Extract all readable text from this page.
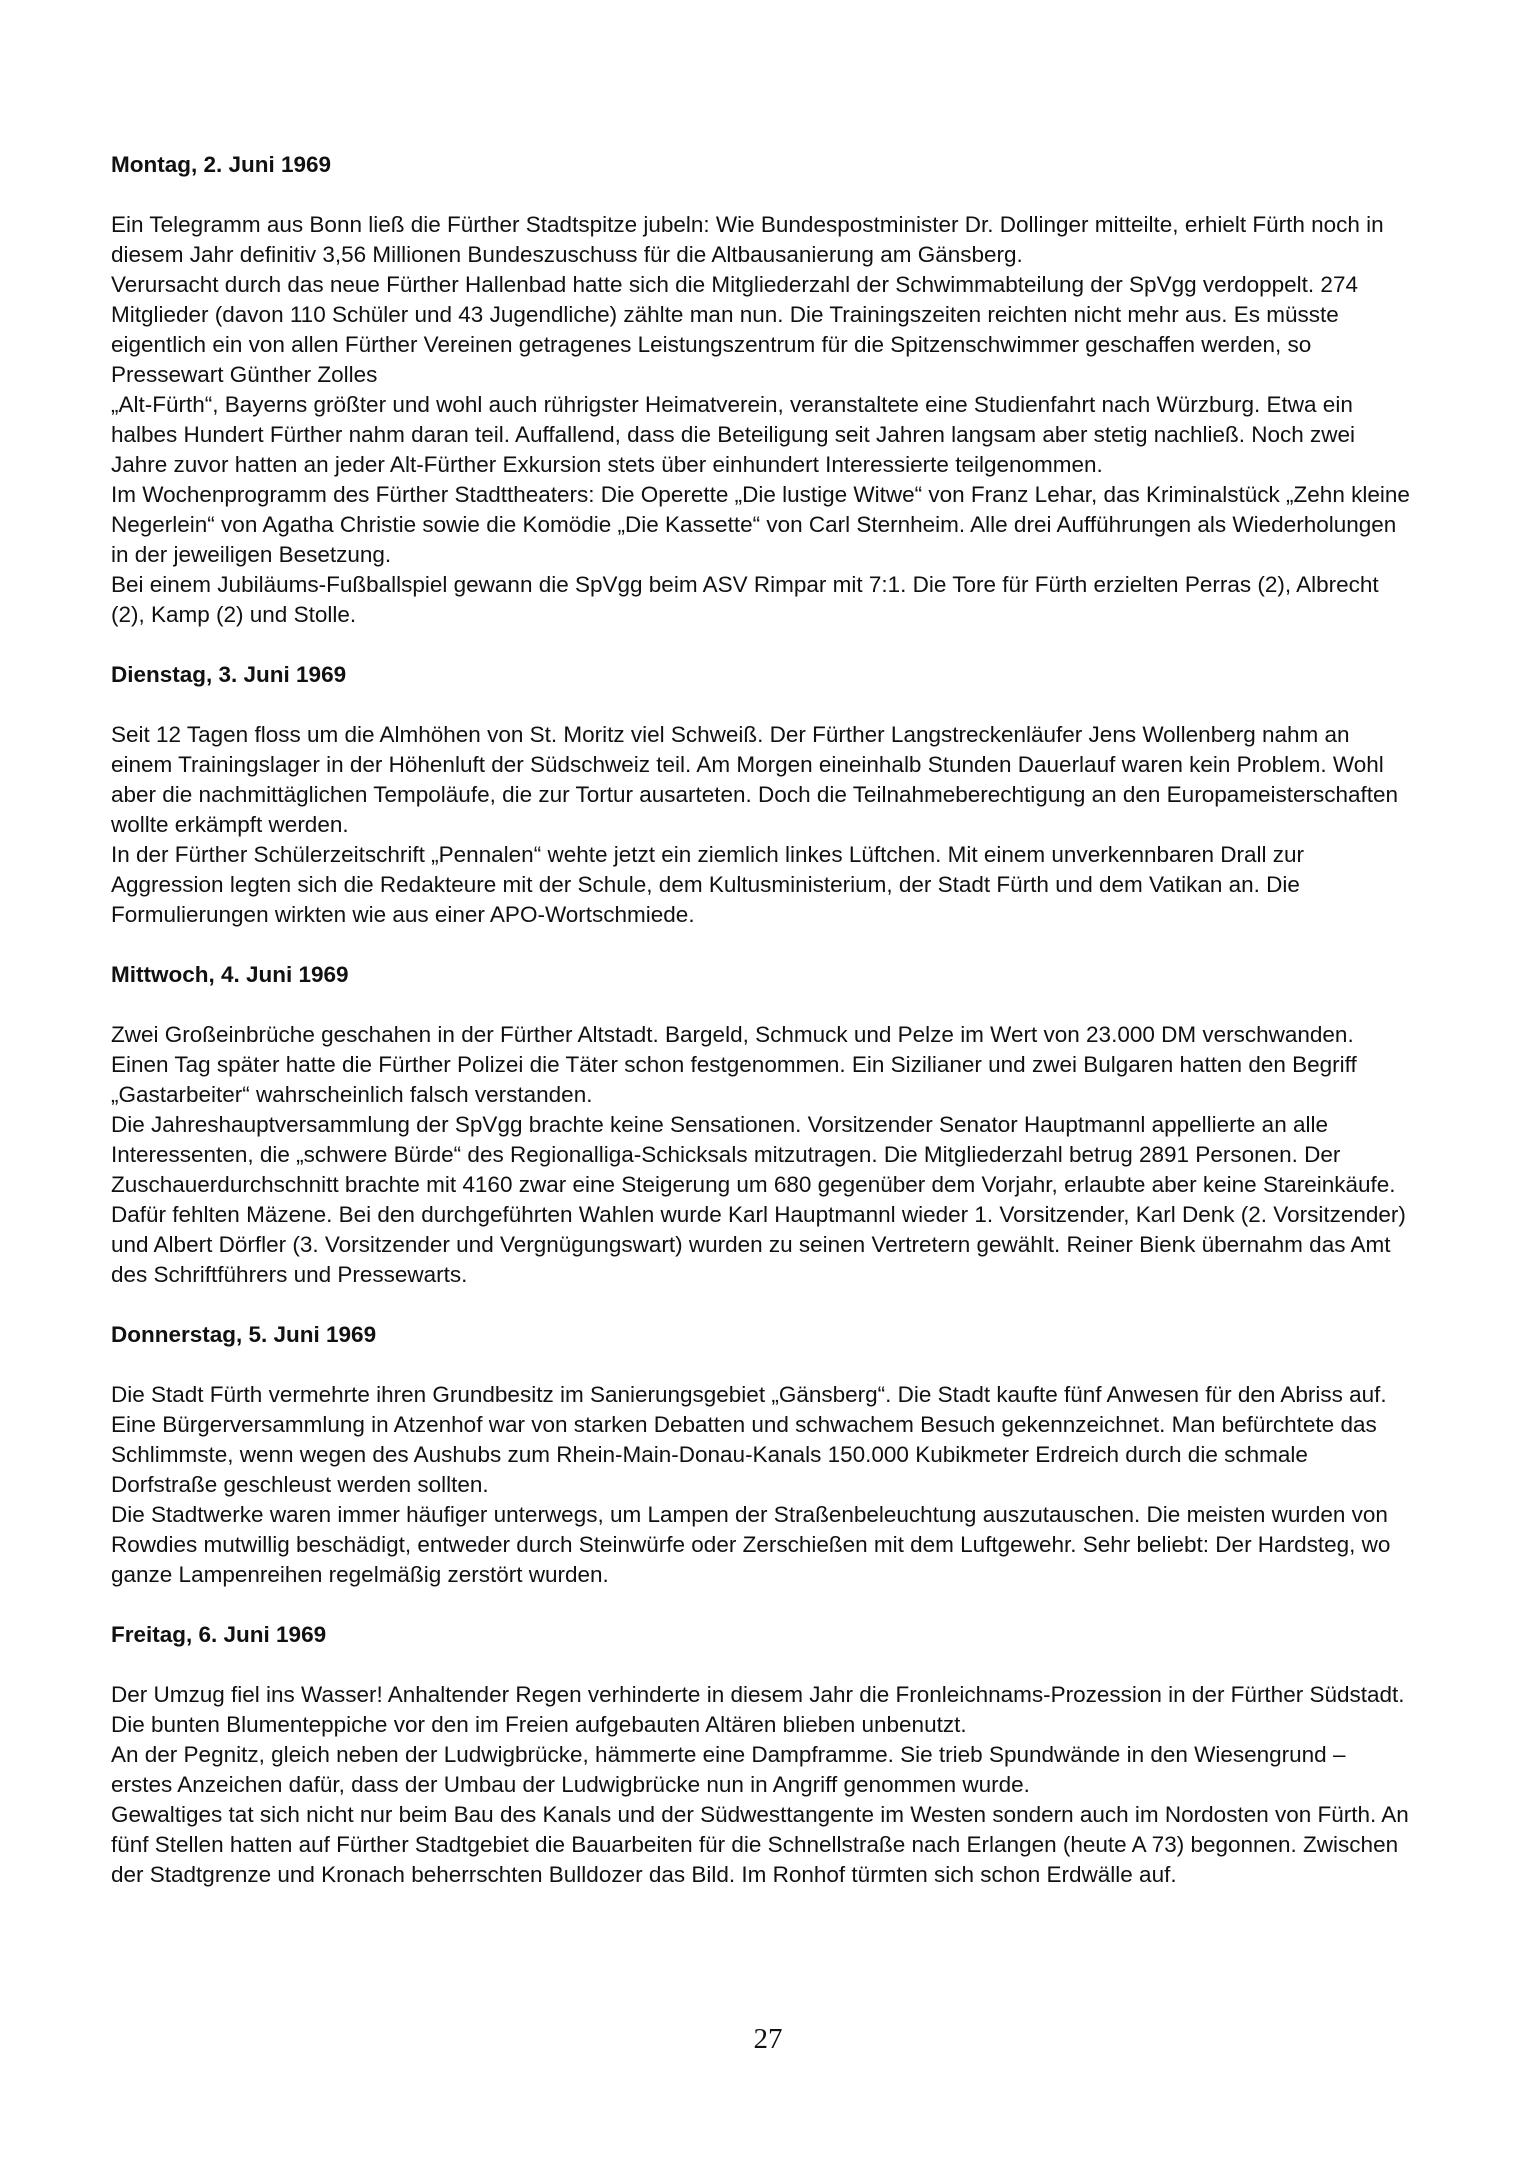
Montag, 2. Juni 1969

Ein Telegramm aus Bonn ließ die Fürther Stadtspitze jubeln: Wie Bundespostminister Dr. Dollinger mitteilte, erhielt Fürth noch in diesem Jahr definitiv 3,56 Millionen Bundeszuschuss für die Altbausanierung am Gänsberg.

Verursacht durch das neue Fürther Hallenbad hatte sich die Mitgliederzahl der Schwimmabteilung der SpVgg verdoppelt. 274 Mitglieder (davon 110 Schüler und 43 Jugendliche) zählte man nun. Die Trainingszeiten reichten nicht mehr aus. Es müsste eigentlich ein von allen Fürther Vereinen getragenes Leistungszentrum für die Spitzenschwimmer geschaffen werden, so Pressewart Günther Zolles

„Alt-Fürth“, Bayerns größter und wohl auch rührigster Heimatverein, veranstaltete eine Studienfahrt nach Würzburg. Etwa ein halbes Hundert Fürther nahm daran teil. Auffallend, dass die Beteiligung seit Jahren langsam aber stetig nachließ. Noch zwei Jahre zuvor hatten an jeder Alt-Fürther Exkursion stets über einhundert Interessierte teilgenommen.

Im Wochenprogramm des Fürther Stadttheaters: Die Operette „Die lustige Witwe“ von Franz Lehar, das Kriminalstück „Zehn kleine Negerlein“ von Agatha Christie sowie die Komödie „Die Kassette“ von Carl Sternheim. Alle drei Aufführungen als Wiederholungen in der jeweiligen Besetzung.

Bei einem Jubiläums-Fußballspiel gewann die SpVgg beim ASV Rimpar mit 7:1. Die Tore für Fürth erzielten Perras (2), Albrecht (2), Kamp (2) und Stolle.

Dienstag, 3. Juni 1969

Seit 12 Tagen floss um die Almhöhen von St. Moritz viel Schweiß. Der Fürther Langstreckenläufer Jens Wollenberg nahm an einem Trainingslager in der Höhenluft der Südschweiz teil. Am Morgen eineinhalb Stunden Dauerlauf waren kein Problem. Wohl aber die nachmittäglichen Tempoläufe, die zur Tortur ausarteten. Doch die Teilnahmeberechtigung an den Europameisterschaften wollte erkämpft werden.

In der Fürther Schülerzeitschrift „Pennalen“ wehte jetzt ein ziemlich linkes Lüftchen. Mit einem unverkennbaren Drall zur Aggression legten sich die Redakteure mit der Schule, dem Kultusministerium, der Stadt Fürth und dem Vatikan an. Die Formulierungen wirkten wie aus einer APO-Wortschmiede.

Mittwoch, 4. Juni 1969

Zwei Großeinbrüche geschahen in der Fürther Altstadt. Bargeld, Schmuck und Pelze im Wert von 23.000 DM verschwanden. Einen Tag später hatte die Fürther Polizei die Täter schon festgenommen. Ein Sizilianer und zwei Bulgaren hatten den Begriff „Gastarbeiter“ wahrscheinlich falsch verstanden.

Die Jahreshauptversammlung der SpVgg brachte keine Sensationen. Vorsitzender Senator Hauptmannl appellierte an alle Interessenten, die „schwere Bürde“ des Regionalliga-Schicksals mitzutragen. Die Mitgliederzahl betrug 2891 Personen. Der Zuschauerdurchschnitt brachte mit 4160 zwar eine Steigerung um 680 gegenüber dem Vorjahr, erlaubte aber keine Stareinkäufe. Dafür fehlten Mäzene. Bei den durchgeführten Wahlen wurde Karl Hauptmannl wieder 1. Vorsitzender, Karl Denk (2. Vorsitzender) und Albert Dörfler (3. Vorsitzender und Vergnügungswart) wurden zu seinen Vertretern gewählt. Reiner Bienk übernahm das Amt des Schriftführers und Pressewarts.

Donnerstag, 5. Juni 1969

Die Stadt Fürth vermehrte ihren Grundbesitz im Sanierungsgebiet „Gänsberg“. Die Stadt kaufte fünf Anwesen für den Abriss auf.

Eine Bürgerversammlung in Atzenhof war von starken Debatten und schwachem Besuch gekennzeichnet. Man befürchtete das Schlimmste, wenn wegen des Aushubs zum Rhein-Main-Donau-Kanals 150.000 Kubikmeter Erdreich durch die schmale Dorfstraße geschleust werden sollten.

Die Stadtwerke waren immer häufiger unterwegs, um Lampen der Straßenbeleuchtung auszutauschen. Die meisten wurden von Rowdies mutwillig beschädigt, entweder durch Steinwürfe oder Zerschießen mit dem Luftgewehr. Sehr beliebt: Der Hardsteg, wo ganze Lampenreihen regelmäßig zerstört wurden.

Freitag, 6. Juni 1969

Der Umzug fiel ins Wasser! Anhaltender Regen verhinderte in diesem Jahr die Fronleichnams-Prozession in der Fürther Südstadt. Die bunten Blumenteppiche vor den im Freien aufgebauten Altären blieben unbenutzt.

An der Pegnitz, gleich neben der Ludwigbrücke, hämmerte eine Dampframme. Sie trieb Spundwände in den Wiesengrund – erstes Anzeichen dafür, dass der Umbau der Ludwigbrücke nun in Angriff genommen wurde.

Gewaltiges tat sich nicht nur beim Bau des Kanals und der Südwesttangente im Westen sondern auch im Nordosten von Fürth. An fünf Stellen hatten auf Fürther Stadtgebiet die Bauarbeiten für die Schnellstraße nach Erlangen (heute A 73) begonnen. Zwischen der Stadtgrenze und Kronach beherrschten Bulldozer das Bild. Im Ronhof türmten sich schon Erdwälle auf.

27
